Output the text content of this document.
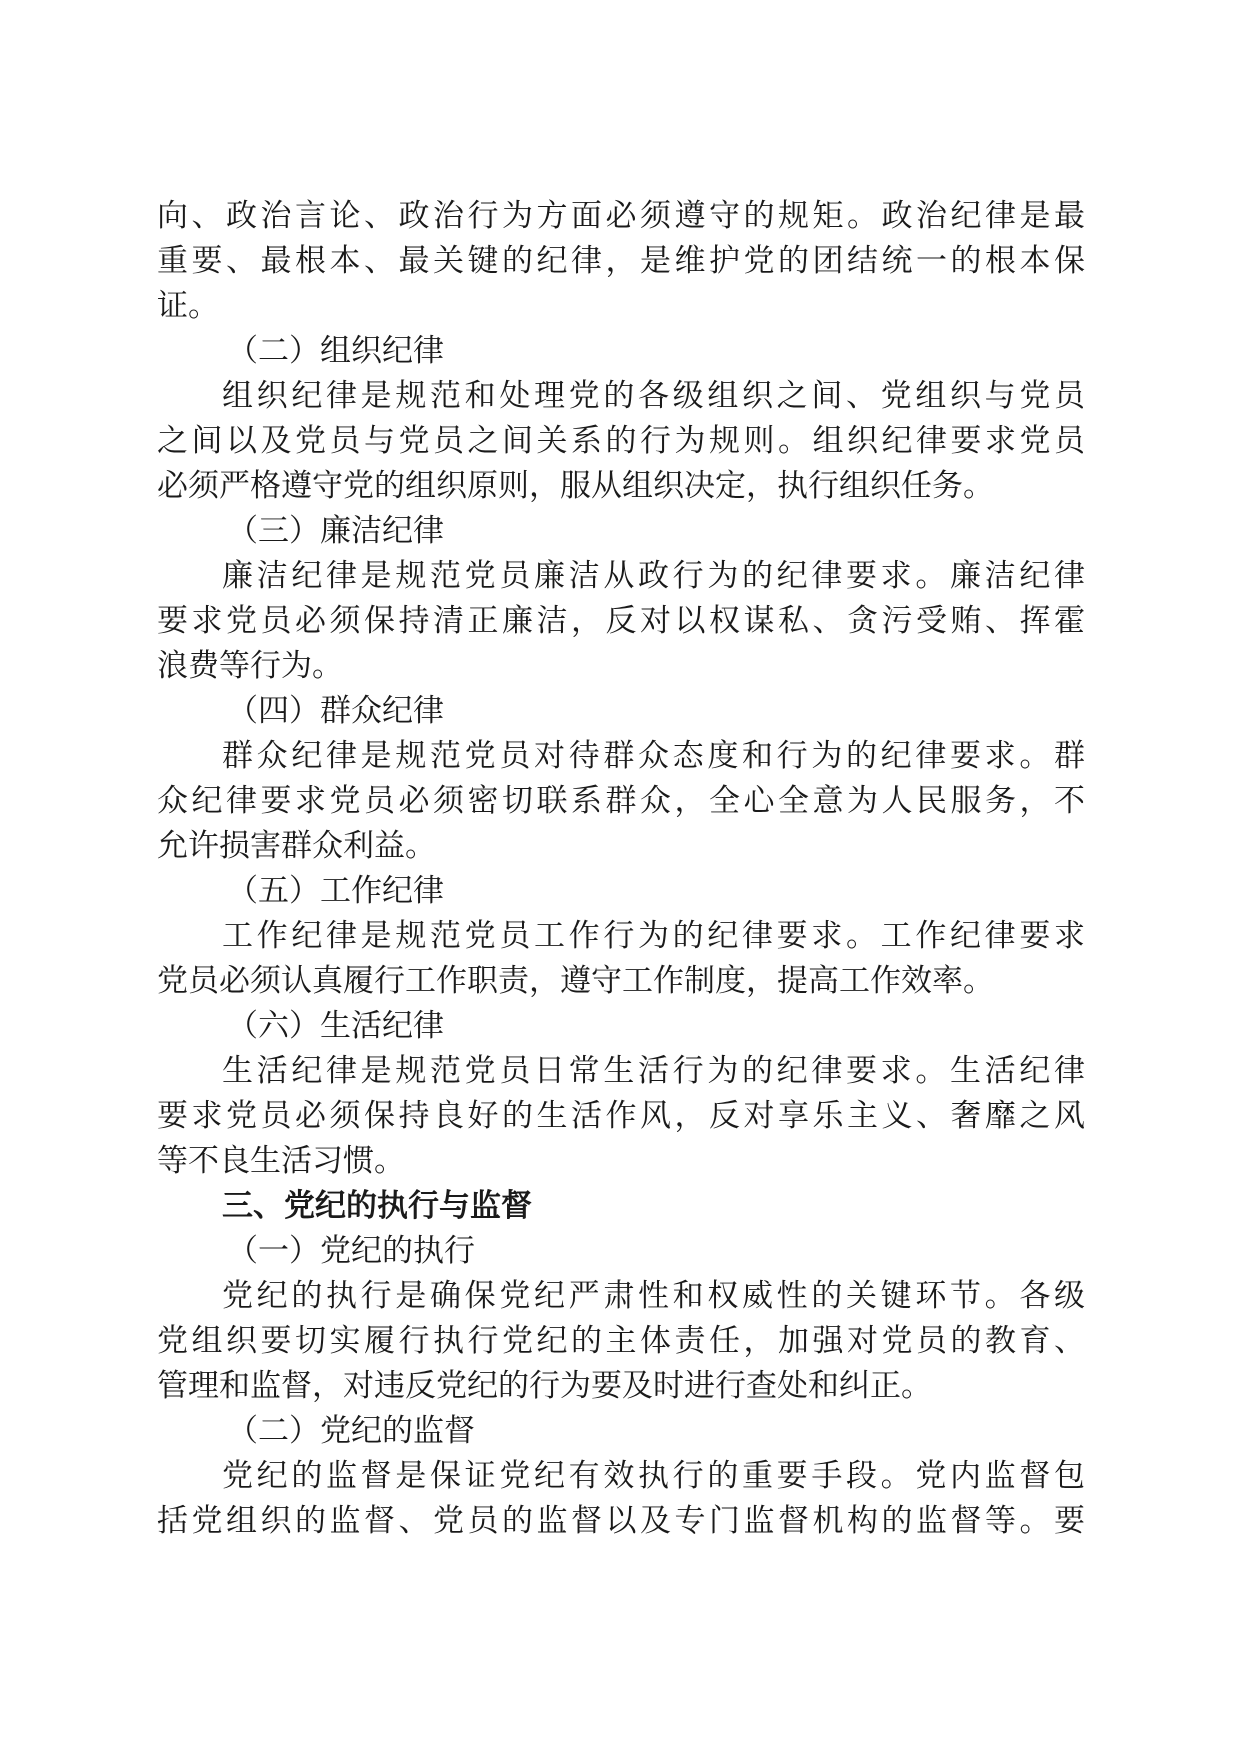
向、政治言论、政治行为方面必须遵守的规矩。政治纪律是最
重要、最根本、最关键的纪律，是维护党的团结统一的根本保
证。
（二）组织纪律
组织纪律是规范和处理党的各级组织之间、党组织与党员
之间以及党员与党员之间关系的行为规则。组织纪律要求党员
必须严格遵守党的组织原则，服从组织决定，执行组织任务。
（三）廉洁纪律
廉洁纪律是规范党员廉洁从政行为的纪律要求。廉洁纪律
要求党员必须保持清正廉洁，反对以权谋私、贪污受贿、挥霍
浪费等行为。
（四）群众纪律
群众纪律是规范党员对待群众态度和行为的纪律要求。群
众纪律要求党员必须密切联系群众，全心全意为人民服务，不
允许损害群众利益。
（五）工作纪律
工作纪律是规范党员工作行为的纪律要求。工作纪律要求
党员必须认真履行工作职责，遵守工作制度，提高工作效率。
（六）生活纪律
生活纪律是规范党员日常生活行为的纪律要求。生活纪律
要求党员必须保持良好的生活作风，反对享乐主义、奢靡之风
等不良生活习惯。
三、党纪的执行与监督
（一）党纪的执行
党纪的执行是确保党纪严肃性和权威性的关键环节。各级
党组织要切实履行执行党纪的主体责任，加强对党员的教育、
管理和监督，对违反党纪的行为要及时进行查处和纠正。
（二）党纪的监督
党纪的监督是保证党纪有效执行的重要手段。党内监督包
括党组织的监督、党员的监督以及专门监督机构的监督等。要
